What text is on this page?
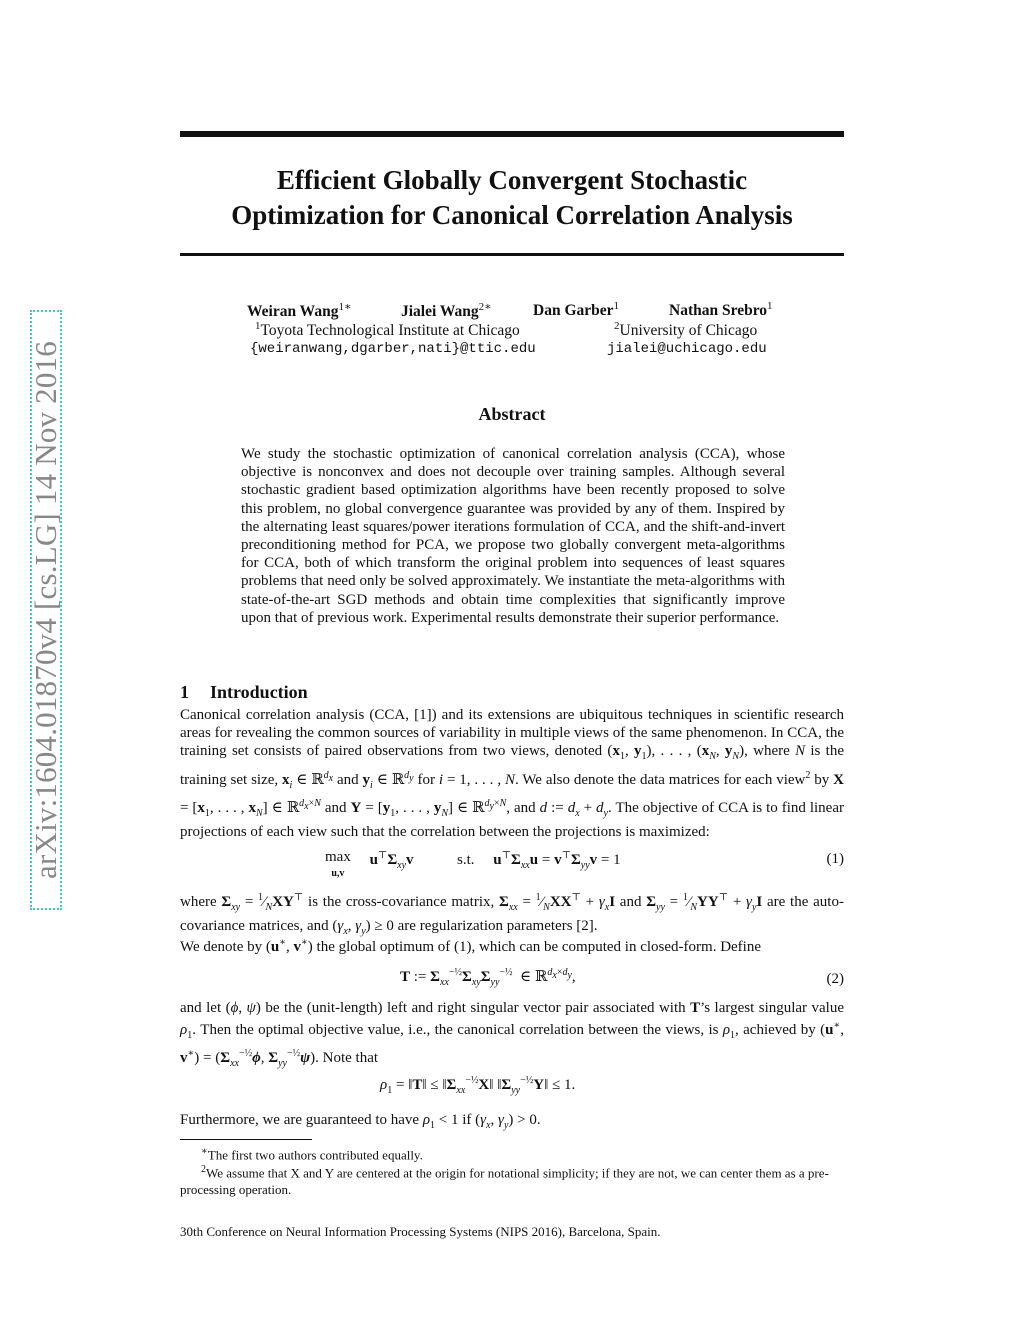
arXiv:1604.01870v4 [cs.LG] 14 Nov 2016
Efficient Globally Convergent Stochastic
Optimization for Canonical Correlation Analysis
Weiran Wang$^{1∗}$	Jialei Wang$^{2∗}$	Dan Garber$^1$	Nathan Srebro$^1$
$^1$Toyota Technological Institute at Chicago	$^2$University of Chicago
{weiranwang,dgarber,nati}@ttic.edu	jialei@uchicago.edu
Abstract
We study the stochastic optimization of canonical correlation analysis (CCA), whose objective is nonconvex and does not decouple over training samples. Although several stochastic gradient based optimization algorithms have been recently proposed to solve this problem, no global convergence guarantee was provided by any of them. Inspired by the alternating least squares/power iterations formulation of CCA, and the shift-and-invert preconditioning method for PCA, we propose two globally convergent meta-algorithms for CCA, both of which transform the original problem into sequences of least squares problems that need only be solved approximately. We instantiate the meta-algorithms with state-of-the-art SGD methods and obtain time complexities that significantly improve upon that of previous work. Experimental results demonstrate their superior performance.
1 Introduction
Canonical correlation analysis (CCA, [1]) and its extensions are ubiquitous techniques in scientific research areas for revealing the common sources of variability in multiple views of the same phenomenon. In CCA, the training set consists of paired observations from two views, denoted ($x_1$, $y_1$), . . . , ($x_N$, $y_N$), where N is the training set size, $x_i$ ∈ ℝ$^{d_x}$ and $y_i$ ∈ ℝ$^{d_y}$ for i = 1, . . . , N. We also denote the data matrices for each view$^2$ by $X = [x_1$, . . . , $x_N$] ∈ ℝ$^{d_x\times N}$ and $Y = [y_1$, . . . , $y_N$] ∈ ℝ$^{d_y\times N}$, and d := $d_x + d_y$. The objective of CCA is to find linear projections of each view such that the correlation between the projections is maximized:
max
u,v     $u^⊤\Sigma_{xy}v$	s.t. $u^⊤\Sigma_{xx}u = v^⊤\Sigma_{yy}v = 1$	(1)
where $\Sigma_{xy}$ = $^1⁄_NXY^⊤$ is the cross-covariance matrix, $\Sigma_{xx}$ = $^1⁄_NXX^⊤ + \gamma_xI$ and $\Sigma_{yy}$ = $^1⁄_NYY^⊤ + \gamma_yI$ are the auto-covariance matrices, and ($\gamma_x$, $\gamma_y) \ge 0$ are regularization parameters [2].
We denote by (u∗, v∗) the global optimum of (1), which can be computed in closed-form. Define
T := $\Sigma_{xx}^{-\frac{1}{2}}\Sigma_{xy}\Sigma_{yy}^{-\frac{1}{2}}$  ∈ ℝ$^{d_x\times d_y}$,	(2)
and let (ϕ, ψ) be the (unit-length) left and right singular vector pair associated with T’s largest singular value $\rho_1$. Then the optimal objective value, i.e., the canonical correlation between the views, is $\rho_1$, achieved by (u∗, $v^∗) = (\Sigma_{xx}^{-\frac{1}{2}}\phi$, $\Sigma_{yy}^{-\frac{1}{2}}\psi$). Note that
$\rho_1$ = ‖T‖ ≤ $‖\Sigma_{xx}^{-\frac{1}{2}}X‖$ $‖\Sigma_{yy}^{-\frac{1}{2}}Y‖ \le 1$.
Furthermore, we are guaranteed to have $\rho_1 < 1$ if ($\gamma_x$, $\gamma_y) > 0$.
∗The first two authors contributed equally.
$^2$We assume that X and Y are centered at the origin for notational simplicity; if they are not, we can center them as a pre-processing operation.
30th Conference on Neural Information Processing Systems (NIPS 2016), Barcelona, Spain.
